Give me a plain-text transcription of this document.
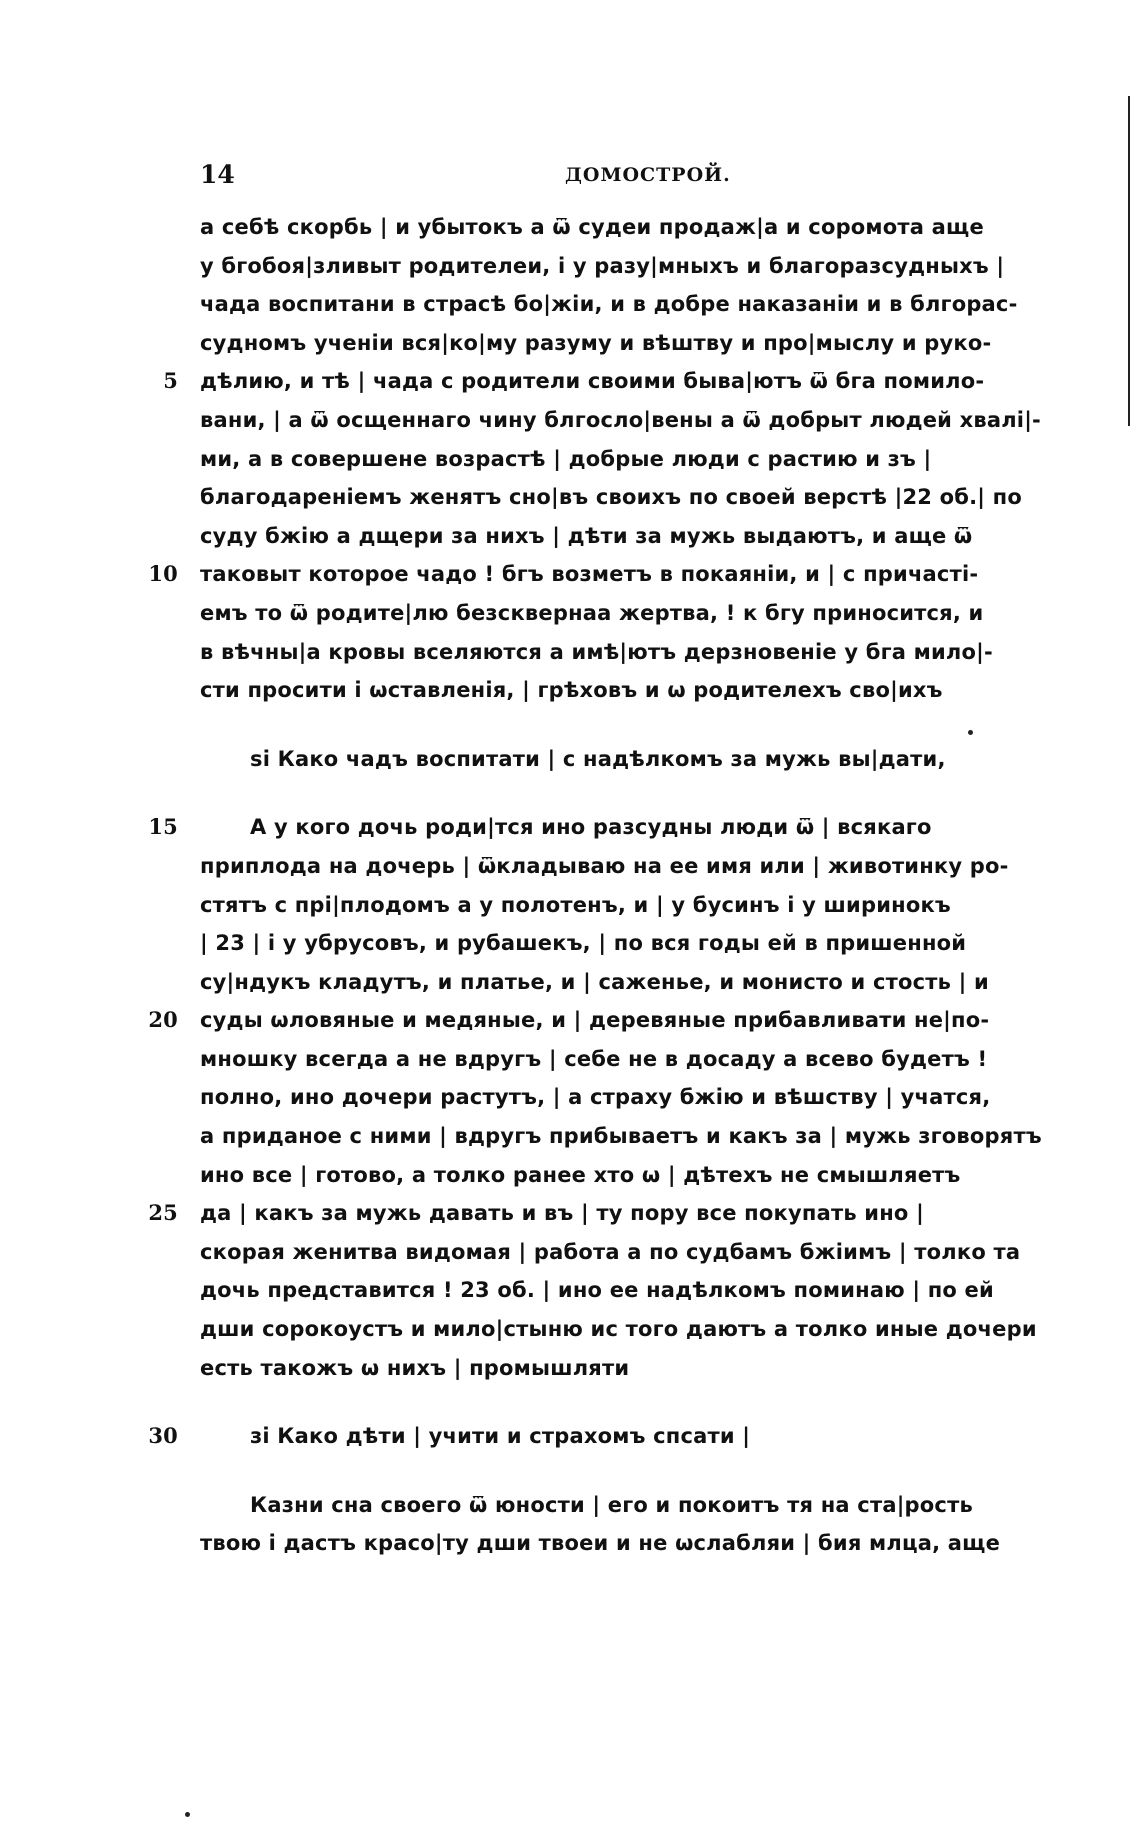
14	ДОМОСТРОЙ.
а себѣ скорбь | и убытокъ а ѿ судеи продаж|а и соромота аще
у бгобоя|зливыт родителеи, і у разу|мныхъ и благоразсудныхъ |
чада воспитани в страсѣ бо|жіи, и в добре наказаніи и в блгорас-
судномъ ученіи вся|ко|му разуму и вѣштву и про|мыслу и руко-
5 дѣлию, и тѣ | чада с родители своими быва|ютъ ѿ бга помило-
вани, | а ѿ осщеннаго чину блгосло|вены а ѿ добрыт людей хвалі|-
ми, а в совершене возрастѣ | добрые люди с растию и зъ |
благодареніемъ женятъ сно|въ своихъ по своей верстѣ |22 об.| по
суду бжію а дщери за нихъ | дѣти за мужь выдаютъ, и аще ѿ
10 таковыт которое чадо ! бгъ возметъ в покаяніи, и | с причасті-
емъ то ѿ родите|лю безсквернаа жертва, ! к бгу приносится, и
в вѣчны|а кровы вселяются а имѣ|ютъ дерзновеніе у бга мило|-
сти просити і ѡставленія, | грѣховъ и ѡ родителехъ сво|ихъ
ѕі Како чадъ воспитати | с надѣлкомъ за мужь вы|дати,
15	А у кого дочь роди|тся ино разсудны люди ѿ | всякаго
приплода на дочерь | ѿкладываю на ее имя или | животинку ро-
стятъ с прі|плодомъ а у полотенъ, и | у бусинъ і у ширинокъ
| 23 | і у убрусовъ, и рубашекъ, | по вся годы ей в пришенной
су|ндукъ кладутъ, и платье, и | саженье, и монисто и стость | и
20 суды ѡловяные и медяные, и | деревяные прибавливати не|по-
мношку всегда а не вдругъ | себе не в досаду а всево будетъ !
полно, ино дочери растутъ, | а страху бжію и вѣшству | учатся,
а приданое с ними | вдругъ прибываетъ и какъ за | мужь зговорятъ
ино все | готово, а толко ранее хто ѡ | дѣтехъ не смышляетъ
25 да | какъ за мужь давать и въ | ту пору все покупать ино |
скорая женитва видомая | работа а по судбамъ бжіимъ | толко та
дочь представится ! 23 об. | ино ее надѣлкомъ поминаю | по ей
дши сорокоустъ и мило|стыню ис того даютъ а толко иные дочери
есть такожъ ѡ нихъ | промышляти
30	зі Како дѣти | учити и страхомъ спсати |
Казни сна своего ѿ юности | его и покоитъ тя на ста|рость
твою і дастъ красо|ту дши твоеи и не ѡслабляи | бия млца, аще
